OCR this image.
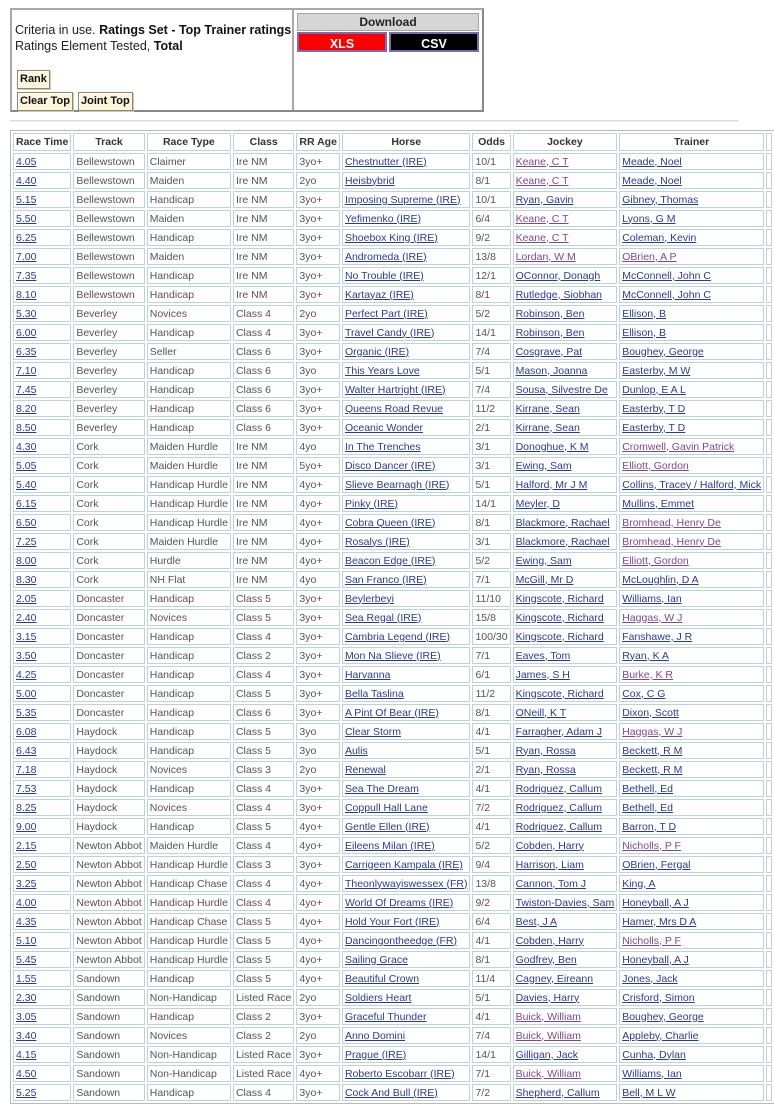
Criteria in use. Ratings Set - Top Trainer ratings
Ratings Element Tested, Total
Rank
Clear Top Joint Top
Download
XLS	CSV
Race Time	Track	Race Type	Class	RR Age	Horse	Odds	Jockey	Trainer	
4.05	Bellewstown	Claimer	Ire NM	3yo+	Chestnutter (IRE)	10/1	Keane, C T	Meade, Noel	
4.40	Bellewstown	Maiden	Ire NM	2yo	Heisbybrid	8/1	Keane, C T	Meade, Noel	
5.15	Bellewstown	Handicap	Ire NM	3yo+	Imposing Supreme (IRE)	10/1	Ryan, Gavin	Gibney, Thomas	
5.50	Bellewstown	Maiden	Ire NM	3yo+	Yefimenko (IRE)	6/4	Keane, C T	Lyons, G M	
6.25	Bellewstown	Handicap	Ire NM	3yo+	Shoebox King (IRE)	9/2	Keane, C T	Coleman, Kevin	
7.00	Bellewstown	Maiden	Ire NM	3yo+	Andromeda (IRE)	13/8	Lordan, W M	OBrien, A P	
7.35	Bellewstown	Handicap	Ire NM	3yo+	No Trouble (IRE)	12/1	OConnor, Donagh	McConnell, John C	
8.10	Bellewstown	Handicap	Ire NM	3yo+	Kartayaz (IRE)	8/1	Rutledge, Siobhan	McConnell, John C	
5.30	Beverley	Novices	Class 4	2yo	Perfect Part (IRE)	5/2	Robinson, Ben	Ellison, B	
6.00	Beverley	Handicap	Class 4	3yo+	Travel Candy (IRE)	14/1	Robinson, Ben	Ellison, B	
6.35	Beverley	Seller	Class 6	3yo+	Organic (IRE)	7/4	Cosgrave, Pat	Boughey, George	
7.10	Beverley	Handicap	Class 6	3yo	This Years Love	5/1	Mason, Joanna	Easterby, M W	
7.45	Beverley	Handicap	Class 6	3yo+	Walter Hartright (IRE)	7/4	Sousa, Silvestre De	Dunlop, E A L	
8.20	Beverley	Handicap	Class 6	3yo+	Queens Road Revue	11/2	Kirrane, Sean	Easterby, T D	
8.50	Beverley	Handicap	Class 6	3yo+	Oceanic Wonder	2/1	Kirrane, Sean	Easterby, T D	
4.30	Cork	Maiden Hurdle	Ire NM	4yo	In The Trenches	3/1	Donoghue, K M	Cromwell, Gavin Patrick	
5.05	Cork	Maiden Hurdle	Ire NM	5yo+	Disco Dancer (IRE)	3/1	Ewing, Sam	Elliott, Gordon	
5.40	Cork	Handicap Hurdle	Ire NM	4yo+	Slieve Bearnagh (IRE)	5/1	Halford, Mr J M	Collins, Tracey / Halford, Mick	
6.15	Cork	Handicap Hurdle	Ire NM	4yo+	Pinky (IRE)	14/1	Meyler, D	Mullins, Emmet	
6.50	Cork	Handicap Hurdle	Ire NM	4yo+	Cobra Queen (IRE)	8/1	Blackmore, Rachael	Bromhead, Henry De	
7.25	Cork	Maiden Hurdle	Ire NM	4yo+	Rosalys (IRE)	3/1	Blackmore, Rachael	Bromhead, Henry De	
8.00	Cork	Hurdle	Ire NM	4yo+	Beacon Edge (IRE)	5/2	Ewing, Sam	Elliott, Gordon	
8.30	Cork	NH Flat	Ire NM	4yo	San Franco (IRE)	7/1	McGill, Mr D	McLoughlin, D A	
2.05	Doncaster	Handicap	Class 5	3yo+	Beylerbeyi	11/10	Kingscote, Richard	Williams, Ian	
2.40	Doncaster	Novices	Class 5	3yo+	Sea Regal (IRE)	15/8	Kingscote, Richard	Haggas, W J	
3.15	Doncaster	Handicap	Class 4	3yo+	Cambria Legend (IRE)	100/30	Kingscote, Richard	Fanshawe, J R	
3.50	Doncaster	Handicap	Class 2	3yo+	Mon Na Slieve (IRE)	7/1	Eaves, Tom	Ryan, K A	
4.25	Doncaster	Handicap	Class 4	3yo+	Harvanna	6/1	James, S H	Burke, K R	
5.00	Doncaster	Handicap	Class 5	3yo+	Bella Taslina	11/2	Kingscote, Richard	Cox, C G	
5.35	Doncaster	Handicap	Class 6	3yo+	A Pint Of Bear (IRE)	8/1	ONeill, K T	Dixon, Scott	
6.08	Haydock	Handicap	Class 5	3yo	Clear Storm	4/1	Farragher, Adam J	Haggas, W J	
6.43	Haydock	Handicap	Class 5	3yo	Aulis	5/1	Ryan, Rossa	Beckett, R M	
7.18	Haydock	Novices	Class 3	2yo	Renewal	2/1	Ryan, Rossa	Beckett, R M	
7.53	Haydock	Handicap	Class 4	3yo+	Sea The Dream	4/1	Rodriguez, Callum	Bethell, Ed	
8.25	Haydock	Novices	Class 4	3yo+	Coppull Hall Lane	7/2	Rodriguez, Callum	Bethell, Ed	
9.00	Haydock	Handicap	Class 5	4yo+	Gentle Ellen (IRE)	4/1	Rodriguez, Callum	Barron, T D	
2.15	Newton Abbot	Maiden Hurdle	Class 4	4yo+	Eileens Milan (IRE)	5/2	Cobden, Harry	Nicholls, P F	
2.50	Newton Abbot	Handicap Hurdle	Class 3	3yo+	Carrigeen Kampala (IRE)	9/4	Harrison, Liam	OBrien, Fergal	
3.25	Newton Abbot	Handicap Chase	Class 4	4yo+	Theonlywayiswessex (FR)	13/8	Cannon, Tom J	King, A	
4.00	Newton Abbot	Handicap Hurdle	Class 4	4yo+	World Of Dreams (IRE)	9/2	Twiston-Davies, Sam	Honeyball, A J	
4.35	Newton Abbot	Handicap Chase	Class 5	4yo+	Hold Your Fort (IRE)	6/4	Best, J A	Hamer, Mrs D A	
5.10	Newton Abbot	Handicap Hurdle	Class 5	4yo+	Dancingontheedge (FR)	4/1	Cobden, Harry	Nicholls, P F	
5.45	Newton Abbot	Handicap Hurdle	Class 5	4yo+	Sailing Grace	8/1	Godfrey, Ben	Honeyball, A J	
1.55	Sandown	Handicap	Class 5	4yo+	Beautiful Crown	11/4	Cagney, Eireann	Jones, Jack	
2.30	Sandown	Non-Handicap	Listed Race	2yo	Soldiers Heart	5/1	Davies, Harry	Crisford, Simon	
3.05	Sandown	Handicap	Class 2	3yo+	Graceful Thunder	4/1	Buick, William	Boughey, George	
3.40	Sandown	Novices	Class 2	2yo	Anno Domini	7/4	Buick, William	Appleby, Charlie	
4.15	Sandown	Non-Handicap	Listed Race	3yo+	Prague (IRE)	14/1	Gilligan, Jack	Cunha, Dylan	
4.50	Sandown	Non-Handicap	Listed Race	4yo+	Roberto Escobarr (IRE)	7/1	Buick, William	Williams, Ian	
5.25	Sandown	Handicap	Class 4	3yo+	Cock And Bull (IRE)	7/2	Shepherd, Callum	Bell, M L W	
